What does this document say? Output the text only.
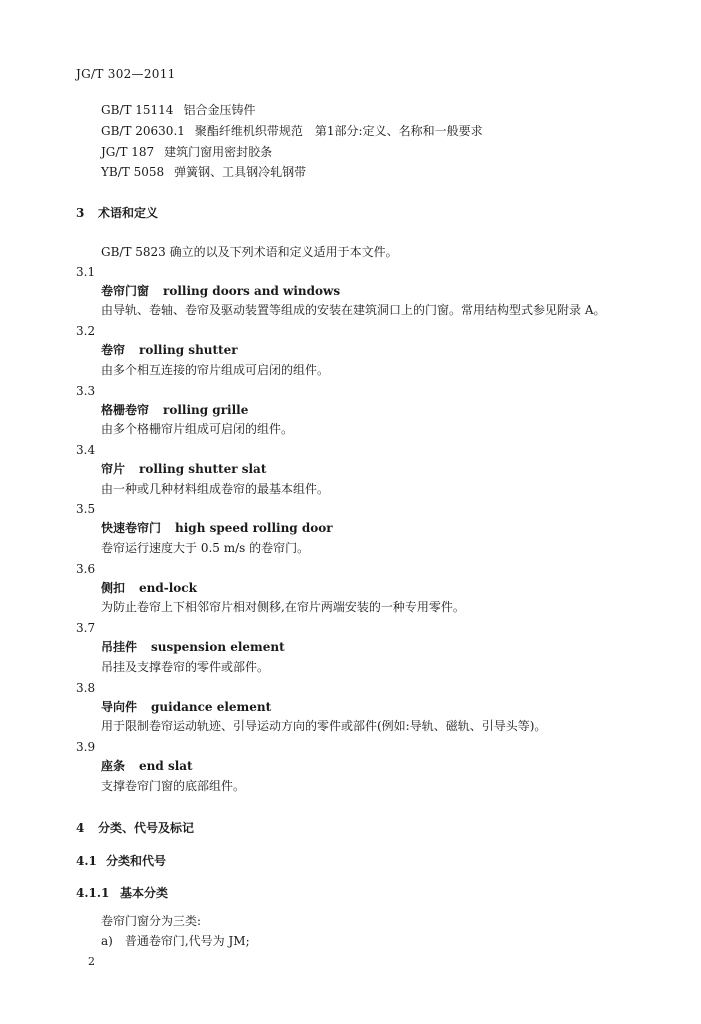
JG/T 302—2011
GB/T 15114 铝合金压铸件
GB/T 20630.1 聚酯纤维机织带规范　第1部分:定义、名称和一般要求
JG/T 187 建筑门窗用密封胶条
YB/T 5058 弹簧钢、工具钢冷轧钢带
3 术语和定义
GB/T 5823 确立的以及下列术语和定义适用于本文件。
3.1
卷帘门窗 rolling doors and windows
由导轨、卷轴、卷帘及驱动装置等组成的安装在建筑洞口上的门窗。常用结构型式参见附录 A。
3.2
卷帘 rolling shutter
由多个相互连接的帘片组成可启闭的组件。
3.3
格栅卷帘 rolling grille
由多个格栅帘片组成可启闭的组件。
3.4
帘片 rolling shutter slat
由一种或几种材料组成卷帘的最基本组件。
3.5
快速卷帘门 high speed rolling door
卷帘运行速度大于 0.5 m/s 的卷帘门。
3.6
侧扣 end-lock
为防止卷帘上下相邻帘片相对侧移,在帘片两端安装的一种专用零件。
3.7
吊挂件 suspension element
吊挂及支撑卷帘的零件或部件。
3.8
导向件 guidance element
用于限制卷帘运动轨迹、引导运动方向的零件或部件(例如:导轨、磁轨、引导头等)。
3.9
座条 end slat
支撑卷帘门窗的底部组件。
4 分类、代号及标记
4.1 分类和代号
4.1.1 基本分类
卷帘门窗分为三类:
a)　普通卷帘门,代号为 JM;
2
